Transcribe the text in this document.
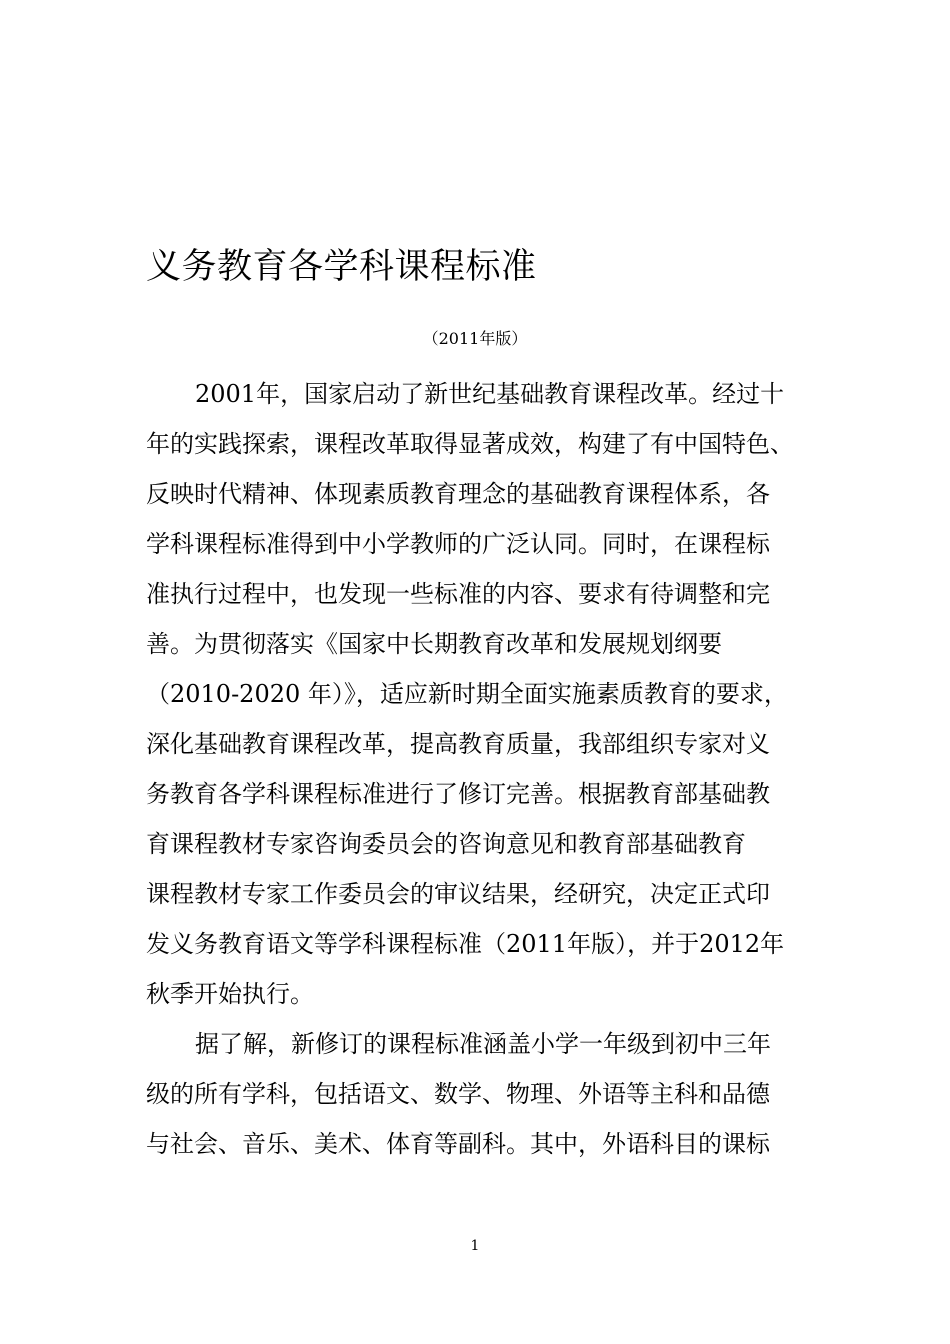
义务教育各学科课程标准
（2011年版）
2001年，国家启动了新世纪基础教育课程改革。经过十
年的实践探索，课程改革取得显著成效，构建了有中国特色、
反映时代精神、体现素质教育理念的基础教育课程体系，各
学科课程标准得到中小学教师的广泛认同。同时，在课程标
准执行过程中，也发现一些标准的内容、要求有待调整和完
善。为贯彻落实《国家中长期教育改革和发展规划纲要
（2010-2020 年）》，适应新时期全面实施素质教育的要求，
深化基础教育课程改革，提高教育质量，我部组织专家对义
务教育各学科课程标准进行了修订完善。根据教育部基础教
育课程教材专家咨询委员会的咨询意见和教育部基础教育
课程教材专家工作委员会的审议结果，经研究，决定正式印
发义务教育语文等学科课程标准（2011年版），并于2012年
秋季开始执行。
据了解，新修订的课程标准涵盖小学一年级到初中三年
级的所有学科，包括语文、数学、物理、外语等主科和品德
与社会、音乐、美术、体育等副科。其中，外语科目的课标
1
